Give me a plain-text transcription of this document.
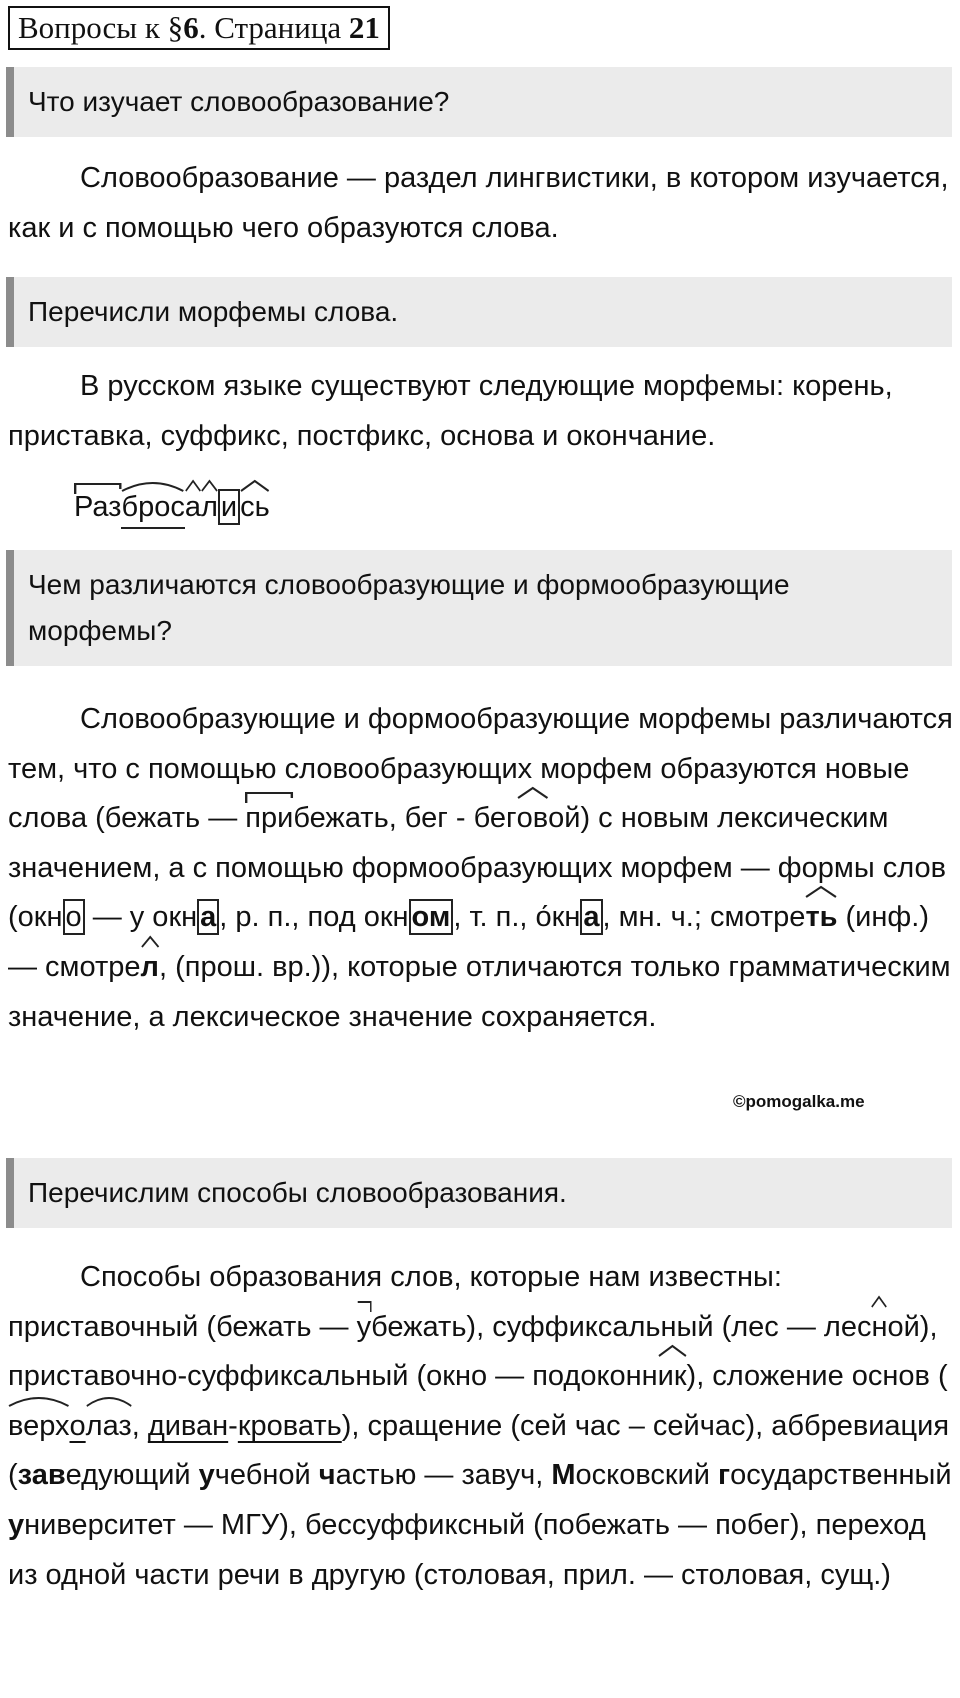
Вопросы к §6. Страница 21
Что изучает словообразование?
Словообразование — раздел лингвистики, в котором изучается, как и с помощью чего образуются слова.
Перечисли морфемы слова.
В русском языке существуют следующие морфемы: корень, приставка, суффикс, постфикс, основа и окончание.
Раз
брос
а
л и сь
Чем различаются словообразующие и формообразующие морфемы?
Словообразующие и формообразующие морфемы различаются тем, что с помощью словообразующих морфем образуются новые слова (бежать —
прибежать, бег - бег
овой) с новым лексическим значением, а с помощью формообразующих морфем — формы слов (окн о — у окн а , р. п., под окн ом , т. п., о́кн а , мн. ч.; смотре
ть (инф.) — смотре
л, (прош. вр.)), которые отличаются только грамматическим значение, а лексическое значение сохраняется.
©pomogalka.me
Перечислим способы словообразования.
Способы образования слов, которые нам известны: приставочный (бежать —
убежать), суффиксальный (лес — лес
ной), приставочно-суффиксальный (окно — подоконн
ик), сложение основ (
верхо
лаз, диван-кровать), сращение (сей час – сейчас), аббревиация (заведующий учебной частью — завуч, Московский государственный университет — МГУ), бессуффиксный (побежать — побег), переход из одной части речи в другую (столовая, прил. — столовая, сущ.)
